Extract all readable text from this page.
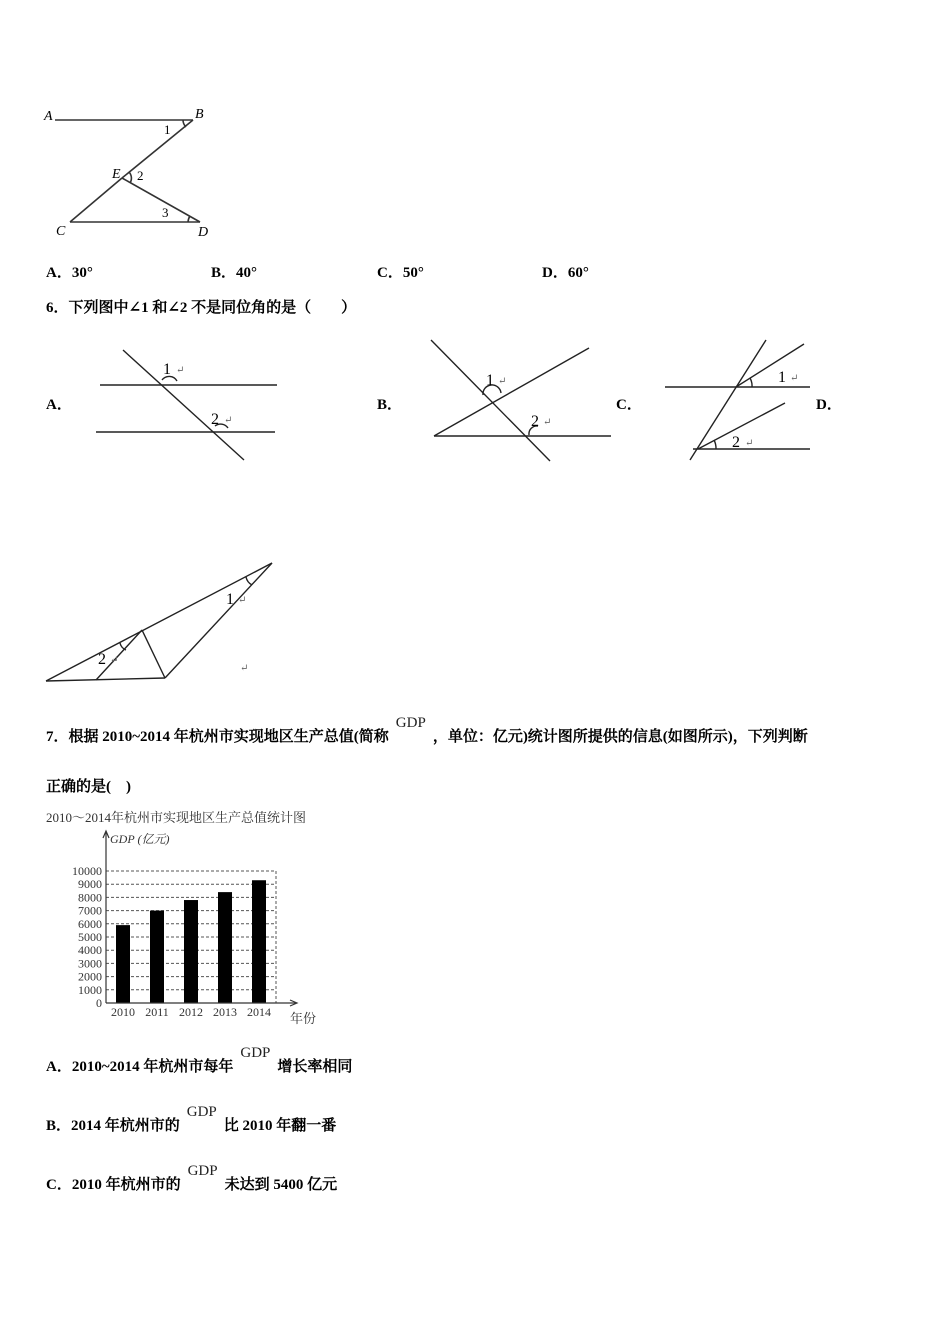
A	B
E
C	D
1
2
3
A．30°	B．40°	C．50°	D．60°
6．下列图中∠1 和∠2 不是同位角的是（　　）
A．	B．	C．	D．
1 ↵
2 ↵
1 ↵
2 ↵
1 ↵
2 ↵
1 ↵
2 ↵
↵
7．根据 2010~2014 年杭州市实现地区生产总值(简称GDP，单位：亿元)统计图所提供的信息(如图所示)，下列判断
正确的是(　)
2010～2014年杭州市实现地区生产总值统计图
GDP (亿元)
年份
0
1000
2000
3000
4000
5000
6000
7000
8000
9000
10000
2010 2011 2012 2013 2014
A．2010~2014 年杭州市每年GDP增长率相同
B．2014 年杭州市的GDP比 2010 年翻一番
C．2010 年杭州市的GDP未达到 5400 亿元
